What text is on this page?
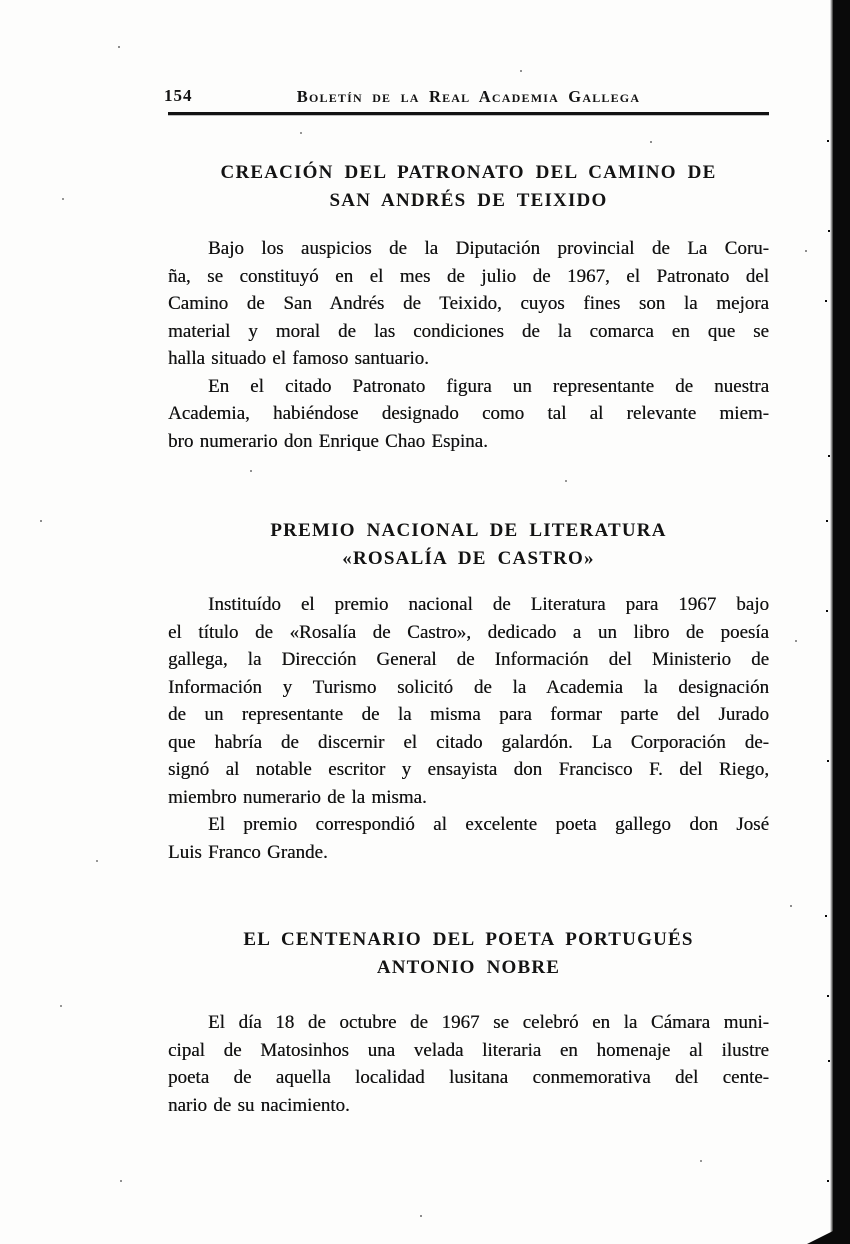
154	Boletín de la Real Academia Gallega
CREACIÓN DEL PATRONATO DEL CAMINO DE
SAN ANDRÉS DE TEIXIDO
Bajo los auspicios de la Diputación provincial de La Coru-
ña, se constituyó en el mes de julio de 1967, el Patronato del
Camino de San Andrés de Teixido, cuyos fines son la mejora
material y moral de las condiciones de la comarca en que se
halla situado el famoso santuario.
En el citado Patronato figura un representante de nuestra
Academia, habiéndose designado como tal al relevante miem-
bro numerario don Enrique Chao Espina.
PREMIO NACIONAL DE LITERATURA
«ROSALÍA DE CASTRO»
Instituído el premio nacional de Literatura para 1967 bajo
el título de «Rosalía de Castro», dedicado a un libro de poesía
gallega, la Dirección General de Información del Ministerio de
Información y Turismo solicitó de la Academia la designación
de un representante de la misma para formar parte del Jurado
que habría de discernir el citado galardón. La Corporación de-
signó al notable escritor y ensayista don Francisco F. del Riego,
miembro numerario de la misma.
El premio correspondió al excelente poeta gallego don José
Luis Franco Grande.
EL CENTENARIO DEL POETA PORTUGUÉS
ANTONIO NOBRE
El día 18 de octubre de 1967 se celebró en la Cámara muni-
cipal de Matosinhos una velada literaria en homenaje al ilustre
poeta de aquella localidad lusitana conmemorativa del cente-
nario de su nacimiento.
